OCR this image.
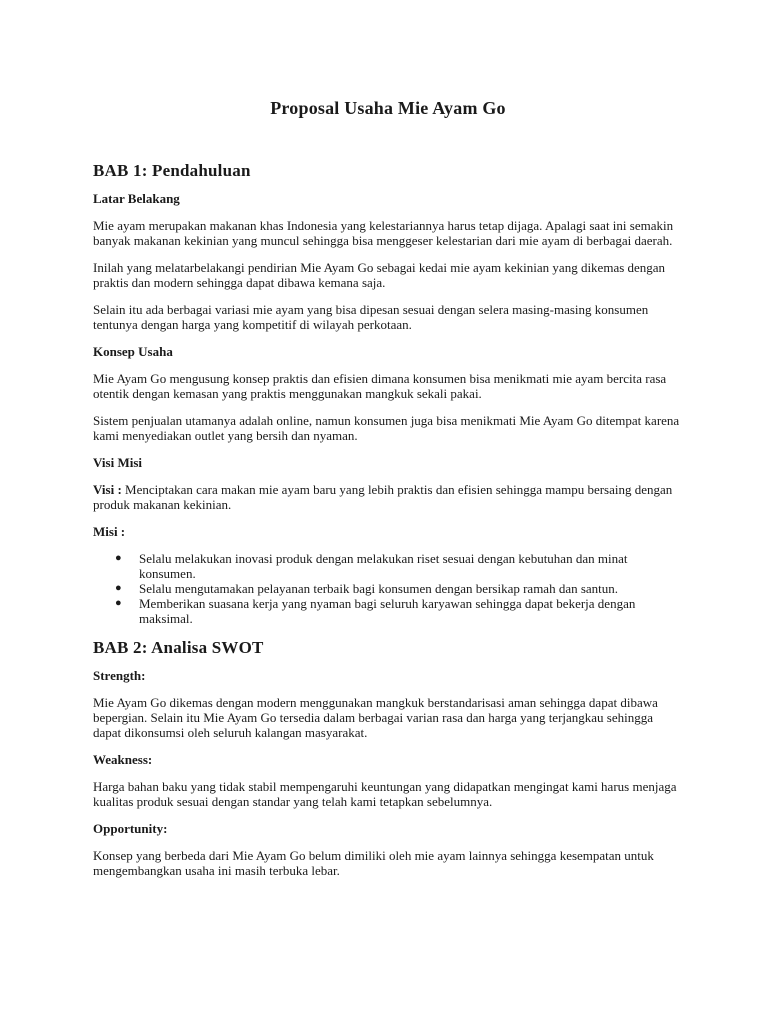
Proposal Usaha Mie Ayam Go
BAB 1: Pendahuluan
Latar Belakang

Mie ayam merupakan makanan khas Indonesia yang kelestariannya harus tetap dijaga. Apalagi saat ini semakin banyak makanan kekinian yang muncul sehingga bisa menggeser kelestarian dari mie ayam di berbagai daerah.

Inilah yang melatarbelakangi pendirian Mie Ayam Go sebagai kedai mie ayam kekinian yang dikemas dengan praktis dan modern sehingga dapat dibawa kemana saja.

Selain itu ada berbagai variasi mie ayam yang bisa dipesan sesuai dengan selera masing-masing konsumen tentunya dengan harga yang kompetitif di wilayah perkotaan.

Konsep Usaha

Mie Ayam Go mengusung konsep praktis dan efisien dimana konsumen bisa menikmati mie ayam bercita rasa otentik dengan kemasan yang praktis menggunakan mangkuk sekali pakai.

Sistem penjualan utamanya adalah online, namun konsumen juga bisa menikmati Mie Ayam Go ditempat karena kami menyediakan outlet yang bersih dan nyaman.

Visi Misi

Visi : Menciptakan cara makan mie ayam baru yang lebih praktis dan efisien sehingga mampu bersaing dengan produk makanan kekinian.

Misi :

● Selalu melakukan inovasi produk dengan melakukan riset sesuai dengan kebutuhan dan minat konsumen.
● Selalu mengutamakan pelayanan terbaik bagi konsumen dengan bersikap ramah dan santun.
● Memberikan suasana kerja yang nyaman bagi seluruh karyawan sehingga dapat bekerja dengan maksimal.
BAB 2: Analisa SWOT
Strength:

Mie Ayam Go dikemas dengan modern menggunakan mangkuk berstandarisasi aman sehingga dapat dibawa bepergian. Selain itu Mie Ayam Go tersedia dalam berbagai varian rasa dan harga yang terjangkau sehingga dapat dikonsumsi oleh seluruh kalangan masyarakat.

Weakness:

Harga bahan baku yang tidak stabil mempengaruhi keuntungan yang didapatkan mengingat kami harus menjaga kualitas produk sesuai dengan standar yang telah kami tetapkan sebelumnya.

Opportunity:

Konsep yang berbeda dari Mie Ayam Go belum dimiliki oleh mie ayam lainnya sehingga kesempatan untuk mengembangkan usaha ini masih terbuka lebar.
